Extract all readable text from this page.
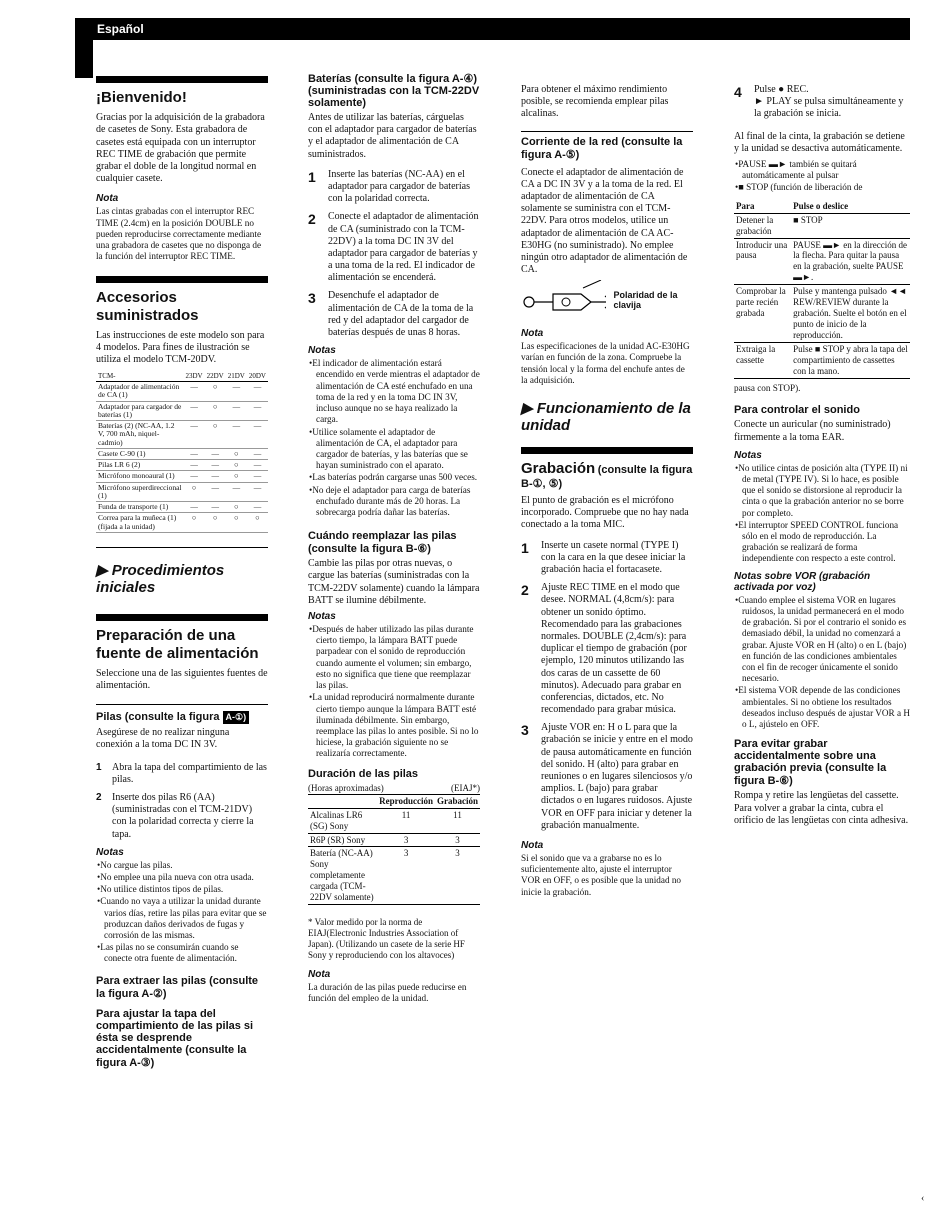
Español
¡Bienvenido!

Gracias por la adquisición de la grabadora de casetes de Sony. Esta grabadora de casetes está equipada con un interruptor REC TIME de grabación que permite grabar el doble de la longitud normal en cualquier casete.

Nota

Las cintas grabadas con el interruptor REC TIME (2.4cm) en la posición DOUBLE no pueden reproducirse correctamente mediante una grabadora de casetes que no disponga de la función del interruptor REC TIME.

Accesorios suministrados

Las instrucciones de este modelo son para 4 modelos. Para fines de ilustración se utiliza el modelo TCM-20DV.

TCM-	23DV	22DV	21DV	20DV
Adaptador de alimentación de CA (1)	—	○	—	—
Adaptador para cargador de baterías (1)	—	○	—	—
Baterías (2) (NC-AA, 1.2 V, 700 mAh, niquel-cadmio)	—	○	—	—
Casete C-90 (1)	—	—	○	—
Pilas LR 6 (2)	—	—	○	—
Micrófono monoaural (1)	—	—	○	—
Micrófono superdireccional (1)	○	—	—	—
Funda de transporte (1)	—	—	○	—
Correa para la muñeca (1) (fijada a la unidad)	○	○	○	○
▶ Procedimientos iniciales
Preparación de una fuente de alimentación

Seleccione una de las siguientes fuentes de alimentación.

Pilas (consulte la figura A-①)

Asegúrese de no realizar ninguna conexión a la toma DC IN 3V.

1	Abra la tapa del compartimiento de las pilas.
2	Inserte dos pilas R6 (AA) (suministradas con el TCM-21DV) con la polaridad correcta y cierre la tapa.
Notas
• No cargue las pilas.
• No emplee una pila nueva con otra usada.
• No utilice distintos tipos de pilas.
• Cuando no vaya a utilizar la unidad durante varios días, retire las pilas para evitar que se produzcan daños derivados de fugas y corrosión de las mismas.
• Las pilas no se consumirán cuando se conecte otra fuente de alimentación.
Para extraer las pilas (consulte la figura A-②)
Para ajustar la tapa del compartimiento de las pilas si ésta se desprende accidentalmente (consulte la figura A-③)
Baterías (consulte la figura A-④) (suministradas con la TCM-22DV solamente)

Antes de utilizar las baterías, cárguelas con el adaptador para cargador de baterías y el adaptador de alimentación de CA suministrados.

1	Inserte las baterías (NC-AA) en el adaptador para cargador de baterías con la polaridad correcta.
2	Conecte el adaptador de alimentación de CA (suministrado con la TCM-22DV) a la toma DC IN 3V del adaptador para cargador de baterías y a una toma de la red. El indicador de alimentación se encenderá.
3	Desenchufe el adaptador de alimentación de CA de la toma de la red y del adaptador del cargador de baterías después de unas 8 horas.
Notas
• El indicador de alimentación estará encendido en verde mientras el adaptador de alimentación de CA esté enchufado en una toma de la red y en la toma DC IN 3V, incluso aunque no se haya realizado la carga.
• Utilice solamente el adaptador de alimentación de CA, el adaptador para cargador de baterías, y las baterías que se hayan suministrado con el aparato.
• Las baterías podrán cargarse unas 500 veces.
• No deje el adaptador para carga de baterías enchufado durante más de 20 horas. La sobrecarga podría dañar las baterías.
Cuándo reemplazar las pilas (consulte la figura B-⑥)

Cambie las pilas por otras nuevas, o cargue las baterías (suministradas con la TCM-22DV solamente) cuando la lámpara BATT se ilumine débilmente.

Notas
• Después de haber utilizado las pilas durante cierto tiempo, la lámpara BATT puede parpadear con el sonido de reproducción cuando aumente el volumen; sin embargo, esto no significa que tiene que reemplazar las pilas.
• La unidad reproducirá normalmente durante cierto tiempo aunque la lámpara BATT esté iluminada débilmente. Sin embargo, reemplace las pilas lo antes posible. Si no lo hiciese, la grabación siguiente no se realizaría correctamente.
Duración de las pilas
(Horas aproximadas)	(EIAJ*)
	Reproducción	Grabación
Alcalinas LR6 (SG) Sony	11	11
R6P (SR) Sony	3	3
Batería (NC-AA) Sony completamente cargada (TCM-22DV solamente)	3	3

* Valor medido por la norma de EIAJ(Electronic Industries Association of Japan). (Utilizando un casete de la serie HF Sony y reproduciendo con los altavoces)

Nota

La duración de las pilas puede reducirse en función del empleo de la unidad.

Para obtener el máximo rendimiento posible, se recomienda emplear pilas alcalinas.

Corriente de la red (consulte la figura A-⑤)

Conecte el adaptador de alimentación de CA a DC IN 3V y a la toma de la red. El adaptador de alimentación de CA solamente se suministra con el TCM-22DV. Para otros modelos, utilice un adaptador de alimentación de CA AC-E30HG (no suministrado). No emplee ningún otro adaptador de alimentación de CA.

Polaridad de la clavija
Nota

Las especificaciones de la unidad AC-E30HG varían en función de la zona. Compruebe la tensión local y la forma del enchufe antes de la adquisición.

▶ Funcionamiento de la unidad
Grabación (consulte la figura B-①, ⑤)

El punto de grabación es el micrófono incorporado. Compruebe que no hay nada conectado a la toma MIC.

1	Inserte un casete normal (TYPE I) con la cara en la que desee iniciar la grabación hacia el fortacasete.
2	Ajuste REC TIME en el modo que desee. NORMAL (4,8cm/s): para obtener un sonido óptimo. Recomendado para las grabaciones normales. DOUBLE (2,4cm/s): para duplicar el tiempo de grabación (por ejemplo, 120 minutos utilizando las dos caras de un cassette de 60 minutos). Adecuado para grabar en conferencias, dictados, etc. No recomendado para grabar música.
3	Ajuste VOR en: H o L para que la grabación se inicie y entre en el modo de pausa automáticamente en función del sonido. H (alto) para grabar en reuniones o en lugares silenciosos y/o amplios. L (bajo) para grabar dictados o en lugares ruidosos. Ajuste VOR en OFF para iniciar y detener la grabación manualmente.
Nota

Si el sonido que va a grabarse no es lo suficientemente alto, ajuste el interruptor VOR en OFF, o es posible que la unidad no inicie la grabación.

4	Pulse ● REC.
► PLAY se pulsa simultáneamente y la grabación se inicia.

Al final de la cinta, la grabación se detiene y la unidad se desactiva automáticamente.

• PAUSE ▬► también se quitará automáticamente al pulsar
• ■ STOP (función de liberación de
Para	Pulse o deslice
Detener la grabación	■ STOP
Introducir una pausa	PAUSE ▬► en la dirección de la flecha. Para quitar la pausa en la grabación, suelte PAUSE ▬►.
Comprobar la parte recién grabada	Pulse y mantenga pulsado ◄◄ REW/REVIEW durante la grabación. Suelte el botón en el punto de inicio de la reproducción.
Extraiga la cassette	Pulse ■ STOP y abra la tapa del compartimiento de cassettes con la mano.

pausa con STOP).

Para controlar el sonido

Conecte un auricular (no suministrado) firmemente a la toma EAR.

Notas
• No utilice cintas de posición alta (TYPE II) ni de metal (TYPE IV). Si lo hace, es posible que el sonido se distorsione al reproducir la cinta o que la grabación anterior no se borre por completo.
• El interruptor SPEED CONTROL funciona sólo en el modo de reproducción. La grabación se realizará de forma independiente con respecto a este control.
Notas sobre VOR (grabación activada por voz)
• Cuando emplee el sistema VOR en lugares ruidosos, la unidad permanecerá en el modo de grabación. Si por el contrario el sonido es demasiado débil, la unidad no comenzará a grabar. Ajuste VOR en H (alto) o en L (bajo) en función de las condiciones ambientales con el fin de recoger únicamente el sonido necesario.
• El sistema VOR depende de las condiciones ambientales. Si no obtiene los resultados deseados incluso después de ajustar VOR a H o L, ajústelo en OFF.
Para evitar grabar accidentalmente sobre una grabación previa (consulte la figura B-⑥)

Rompa y retire las lengüetas del cassette. Para volver a grabar la cinta, cubra el orificio de las lengüetas con cinta adhesiva.

‹
